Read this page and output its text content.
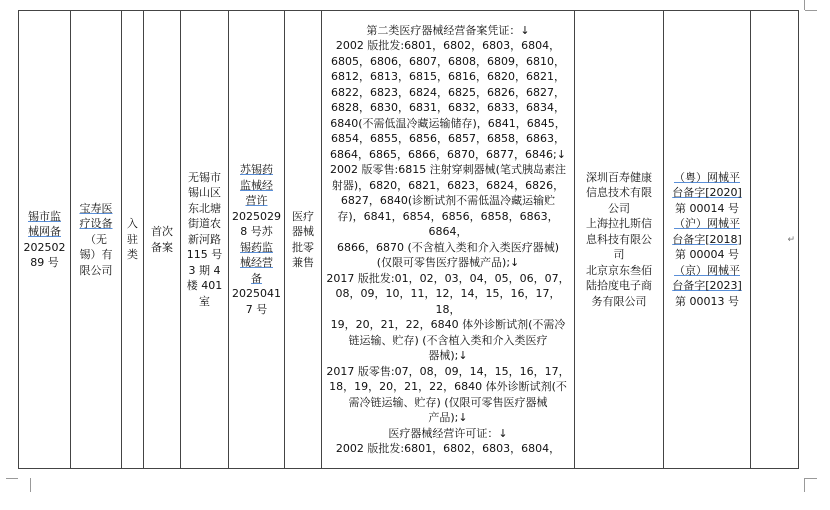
锡市监
械网备
202502
89 号

宝寿医
疗设备
（无
锡）有
限公司

入
驻
类

首次
备案

无锡市
锡山区
东北塘
街道农
新河路
115 号
3 期 4
楼 401
室

苏锡药
监械经
营许
2025029
8 号苏
锡药监
械经营
备
2025041
7 号

医疗
器械
批零
兼售

第二类医疗器械经营备案凭证：↓
2002 版批发:6801，6802，6803，6804，
6805，6806，6807，6808，6809，6810，
6812，6813，6815，6816，6820，6821，
6822，6823，6824，6825，6826，6827，
6828，6830，6831，6832，6833，6834，
6840(不需低温冷藏运输储存)，6841，6845，
6854，6855，6856，6857，6858，6863，
6864，6865，6866，6870，6877，6846;↓
2002 版零售:6815 注射穿刺器械(笔式胰岛素注
射器)，6820，6821，6823，6824，6826，
6827，6840(诊断试剂不需低温冷藏运输贮
存)，6841，6854，6856，6858，6863，6864，
6866，6870 (不含植入类和介入类医疗器械)
(仅限可零售医疗器械产品);↓
2017 版批发:01，02，03，04，05，06，07，
08，09，10，11，12，14，15，16，17，18，
19，20，21，22，6840 体外诊断试剂(不需冷
链运输、贮存) (不含植入类和介入类医疗
器械);↓
2017 版零售:07，08，09，14，15，16，17，
18，19，20，21，22，6840 体外诊断试剂(不
需冷链运输、贮存) (仅限可零售医疗器械
产品);↓
医疗器械经营许可证：↓
2002 版批发:6801，6802，6803，6804，

深圳百寿健康
信息技术有限
公司
上海拉扎斯信
息科技有限公
司
北京京东叁佰
陆拾度电子商
务有限公司

（粤）网械平
台备字[2020]
第 00014 号
（沪）网械平
台备字[2018]
第 00004 号
（京）网械平
台备字[2023]
第 00013 号
	↵
